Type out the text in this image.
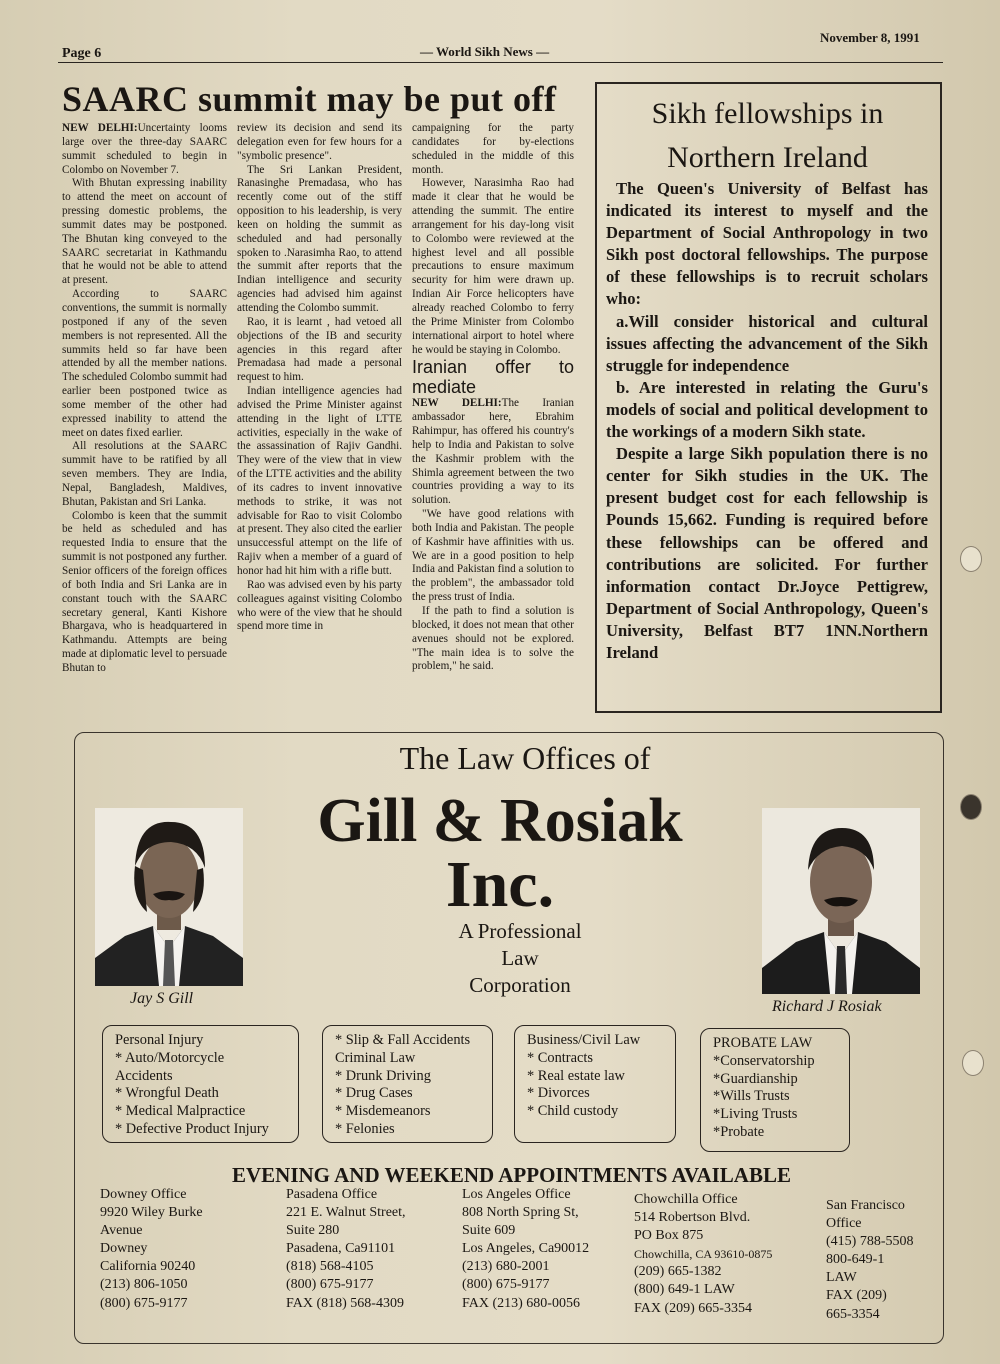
Page 6	— World Sikh News —
November 8, 1991
SAARC summit may be put off

NEW DELHI:Uncertainty looms large over the three-day SAARC summit scheduled to begin in Colombo on November 7.

With Bhutan expressing inability to attend the meet on account of pressing domestic problems, the summit dates may be postponed. The Bhutan king conveyed to the SAARC secretariat in Kathmandu that he would not be able to attend at present.

According to SAARC conventions, the summit is normally postponed if any of the seven members is not represented. All the summits held so far have been attended by all the member nations. The scheduled Colombo summit had earlier been postponed twice as some member of the other had expressed inability to attend the meet on dates fixed earlier.

All resolutions at the SAARC summit have to be ratified by all seven members. They are India, Nepal, Bangladesh, Maldives, Bhutan, Pakistan and Sri Lanka.

Colombo is keen that the summit be held as scheduled and has requested India to ensure that the summit is not postponed any further. Senior officers of the foreign offices of both India and Sri Lanka are in constant touch with the SAARC secretary general, Kanti Kishore Bhargava, who is headquartered in Kathmandu. Attempts are being made at diplomatic level to persuade Bhutan to

review its decision and send its delegation even for few hours for a "symbolic presence".

The Sri Lankan President, Ranasinghe Premadasa, who has recently come out of the stiff opposition to his leadership, is very keen on holding the summit as scheduled and had personally spoken to .Narasimha Rao, to attend the summit after reports that the Indian intelligence and security agencies had advised him against attending the Colombo summit.

Rao, it is learnt , had vetoed all objections of the IB and security agencies in this regard after Premadasa had made a personal request to him.

Indian intelligence agencies had advised the Prime Minister against attending in the light of LTTE activities, especially in the wake of the assassination of Rajiv Gandhi. They were of the view that in view of the LTTE activities and the ability of its cadres to invent innovative methods to strike, it was not advisable for Rao to visit Colombo at present. They also cited the earlier unsuccessful attempt on the life of Rajiv when a member of a guard of honor had hit him with a rifle butt.

Rao was advised even by his party colleagues against visiting Colombo who were of the view that he should spend more time in

campaigning for the party candidates for by-elections scheduled in the middle of this month.

However, Narasimha Rao had made it clear that he would be attending the summit. The entire arrangement for his day-long visit to Colombo were reviewed at the highest level and all possible precautions to ensure maximum security for him were drawn up. Indian Air Force helicopters have already reached Colombo to ferry the Prime Minister from Colombo international airport to hotel where he would be staying in Colombo.

Iranian offer to mediate

NEW DELHI:The Iranian ambassador here, Ebrahim Rahimpur, has offered his country's help to India and Pakistan to solve the Kashmir problem with the Shimla agreement between the two countries providing a way to its solution.

"We have good relations with both India and Pakistan. The people of Kashmir have affinities with us. We are in a good position to help India and Pakistan find a solution to the problem", the ambassador told the press trust of India.

If the path to find a solution is blocked, it does not mean that other avenues should not be explored. "The main idea is to solve the problem," he said.

Sikh fellowships in Northern Ireland

The Queen's University of Belfast has indicated its interest to myself and the Department of Social Anthropology in two Sikh post doctoral fellowships. The purpose of these fellowships is to recruit scholars who:

a.Will consider historical and cultural issues affecting the advancement of the Sikh struggle for independence

b. Are interested in relating the Guru's models of social and political development to the workings of a modern Sikh state.

Despite a large Sikh population there is no center for Sikh studies in the UK. The present budget cost for each fellowship is Pounds 15,662. Funding is required before these fellowships can be offered and contributions are solicited. For further information contact Dr.Joyce Pettigrew, Department of Social Anthropology, Queen's University, Belfast BT7 1NN.Northern Ireland

The Law Offices of
Gill & Rosiak
Inc.
A Professional
Law
Corporation
Jay S Gill	Richard J Rosiak
Personal Injury
* Auto/Motorcycle
Accidents
* Wrongful Death
* Medical Malpractice
* Defective Product Injury
* Slip & Fall Accidents
Criminal Law
* Drunk Driving
* Drug Cases
* Misdemeanors
* Felonies
Business/Civil Law
* Contracts
* Real estate law
* Divorces
* Child custody
PROBATE LAW
*Conservatorship
*Guardianship
*Wills Trusts
*Living Trusts
*Probate
EVENING AND WEEKEND APPOINTMENTS AVAILABLE
Downey Office
9920 Wiley Burke
Avenue
Downey
California 90240
(213) 806-1050
(800) 675-9177
Pasadena Office
221 E. Walnut Street,
Suite 280
Pasadena, Ca91101
(818) 568-4105
(800) 675-9177
FAX (818) 568-4309
Los Angeles Office
808 North Spring St,
Suite 609
Los Angeles, Ca90012
(213) 680-2001
(800) 675-9177
FAX (213) 680-0056
Chowchilla Office
514 Robertson Blvd.
PO Box 875
Chowchilla, CA 93610-0875
(209) 665-1382
(800) 649-1 LAW
FAX (209) 665-3354
San Francisco
Office
(415) 788-5508
800-649-1
LAW
FAX (209)
665-3354
